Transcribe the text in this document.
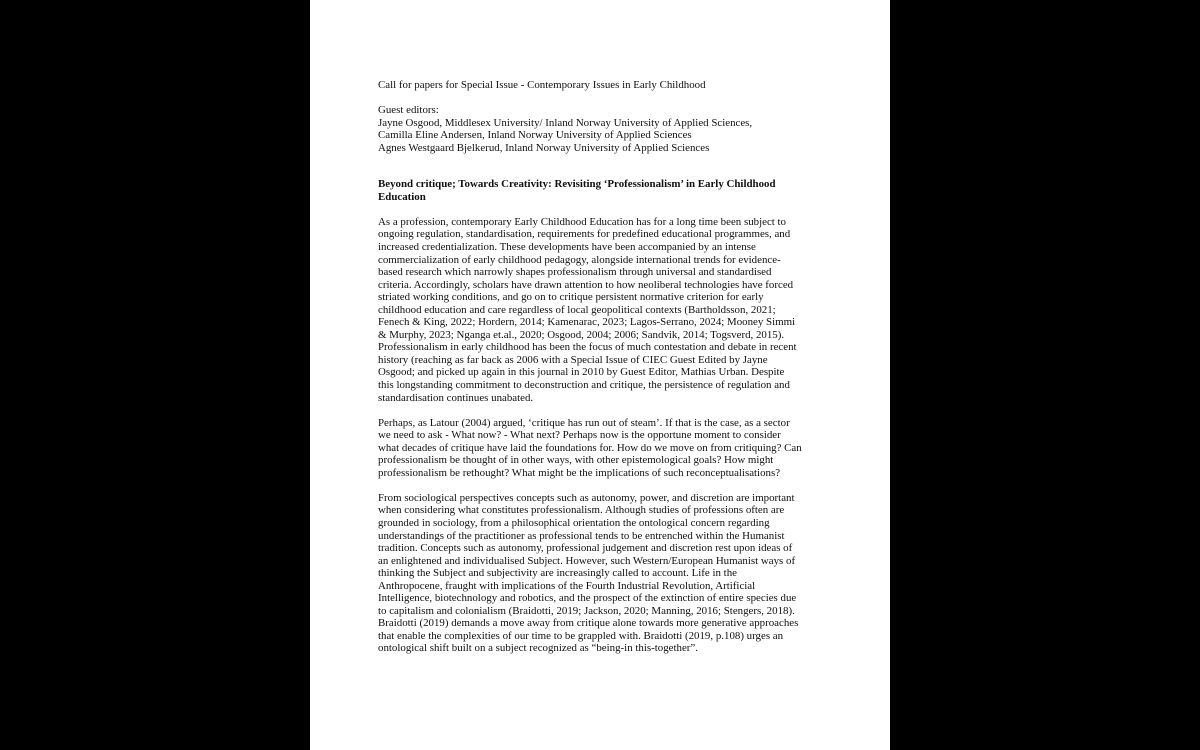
Call for papers for Special Issue - Contemporary Issues in Early Childhood

Guest editors:
Jayne Osgood, Middlesex University/ Inland Norway University of Applied Sciences,
Camilla Eline Andersen, Inland Norway University of Applied Sciences
Agnes Westgaard Bjelkerud, Inland Norway University of Applied Sciences

Beyond critique; Towards Creativity: Revisiting ‘Professionalism’ in Early Childhood
Education

As a profession, contemporary Early Childhood Education has for a long time been subject to
ongoing regulation, standardisation, requirements for predefined educational programmes, and
increased credentialization. These developments have been accompanied by an intense
commercialization of early childhood pedagogy, alongside international trends for evidence-
based research which narrowly shapes professionalism through universal and standardised
criteria. Accordingly, scholars have drawn attention to how neoliberal technologies have forced
striated working conditions, and go on to critique persistent normative criterion for early
childhood education and care regardless of local geopolitical contexts (Bartholdsson, 2021;
Fenech & King, 2022; Hordern, 2014; Kamenarac, 2023; Lagos-Serrano, 2024; Mooney Simmi
& Murphy, 2023; Nganga et.al., 2020; Osgood, 2004; 2006; Sandvik, 2014; Togsverd, 2015).
Professionalism in early childhood has been the focus of much contestation and debate in recent
history (reaching as far back as 2006 with a Special Issue of CIEC Guest Edited by Jayne
Osgood; and picked up again in this journal in 2010 by Guest Editor, Mathias Urban. Despite
this longstanding commitment to deconstruction and critique, the persistence of regulation and
standardisation continues unabated.

Perhaps, as Latour (2004) argued, ‘critique has run out of steam’. If that is the case, as a sector
we need to ask - What now? - What next? Perhaps now is the opportune moment to consider
what decades of critique have laid the foundations for. How do we move on from critiquing? Can
professionalism be thought of in other ways, with other epistemological goals? How might
professionalism be rethought? What might be the implications of such reconceptualisations?

From sociological perspectives concepts such as autonomy, power, and discretion are important
when considering what constitutes professionalism. Although studies of professions often are
grounded in sociology, from a philosophical orientation the ontological concern regarding
understandings of the practitioner as professional tends to be entrenched within the Humanist
tradition. Concepts such as autonomy, professional judgement and discretion rest upon ideas of
an enlightened and individualised Subject. However, such Western/European Humanist ways of
thinking the Subject and subjectivity are increasingly called to account. Life in the
Anthropocene, fraught with implications of the Fourth Industrial Revolution, Artificial
Intelligence, biotechnology and robotics, and the prospect of the extinction of entire species due
to capitalism and colonialism (Braidotti, 2019; Jackson, 2020; Manning, 2016; Stengers, 2018).
Braidotti (2019) demands a move away from critique alone towards more generative approaches
that enable the complexities of our time to be grappled with. Braidotti (2019, p.108) urges an
ontological shift built on a subject recognized as “being-in this-together”.
